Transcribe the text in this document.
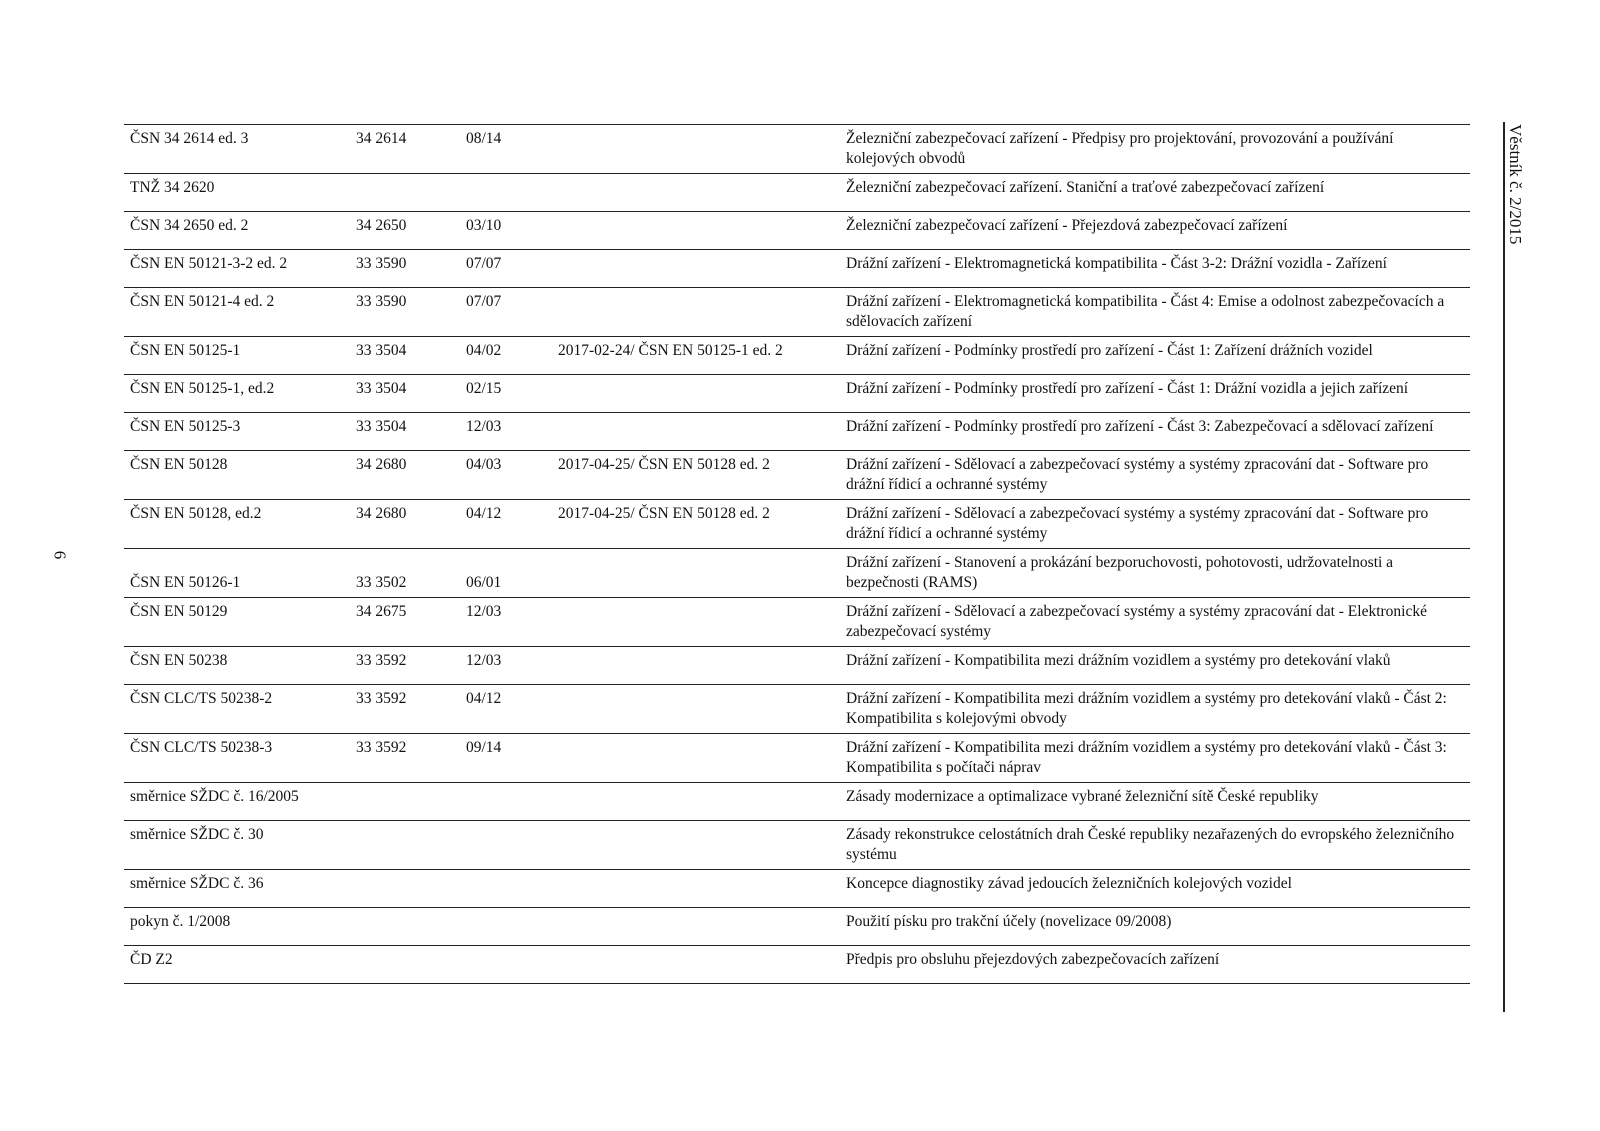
6
Věstník č. 2/2015
ČSN 34 2614 ed. 3	34 2614	08/14		Železniční zabezpečovací zařízení - Předpisy pro projektování, provozování a používání kolejových obvodů
TNŽ 34 2620				Železniční zabezpečovací zařízení. Staniční a traťové zabezpečovací zařízení
ČSN 34 2650 ed. 2	34 2650	03/10		Železniční zabezpečovací zařízení - Přejezdová zabezpečovací zařízení
ČSN EN 50121-3-2 ed. 2	33 3590	07/07		Drážní zařízení - Elektromagnetická kompatibilita - Část 3-2: Drážní vozidla - Zařízení
ČSN EN 50121-4 ed. 2	33 3590	07/07		Drážní zařízení - Elektromagnetická kompatibilita - Část 4: Emise a odolnost zabezpečovacích a sdělovacích zařízení
ČSN EN 50125-1	33 3504	04/02	2017-02-24/ ČSN EN 50125-1 ed. 2	Drážní zařízení - Podmínky prostředí pro zařízení - Část 1: Zařízení drážních vozidel
ČSN EN 50125-1, ed.2	33 3504	02/15		Drážní zařízení - Podmínky prostředí pro zařízení - Část 1: Drážní vozidla a jejich zařízení
ČSN EN 50125-3	33 3504	12/03		Drážní zařízení - Podmínky prostředí pro zařízení - Část 3: Zabezpečovací a sdělovací zařízení
ČSN EN 50128	34 2680	04/03	2017-04-25/ ČSN EN 50128 ed. 2	Drážní zařízení - Sdělovací a zabezpečovací systémy a systémy zpracování dat - Software pro drážní řídicí a ochranné systémy
ČSN EN 50128, ed.2	34 2680	04/12	2017-04-25/ ČSN EN 50128 ed. 2	Drážní zařízení - Sdělovací a zabezpečovací systémy a systémy zpracování dat - Software pro drážní řídicí a ochranné systémy
ČSN EN 50126-1	33 3502	06/01		Drážní zařízení - Stanovení a prokázání bezporuchovosti, pohotovosti, udržovatelnosti a bezpečnosti (RAMS)
ČSN EN 50129	34 2675	12/03		Drážní zařízení - Sdělovací a zabezpečovací systémy a systémy zpracování dat - Elektronické zabezpečovací systémy
ČSN EN 50238	33 3592	12/03		Drážní zařízení - Kompatibilita mezi drážním vozidlem a systémy pro detekování vlaků
ČSN CLC/TS 50238-2	33 3592	04/12		Drážní zařízení - Kompatibilita mezi drážním vozidlem a systémy pro detekování vlaků - Část 2: Kompatibilita s kolejovými obvody
ČSN CLC/TS 50238-3	33 3592	09/14		Drážní zařízení - Kompatibilita mezi drážním vozidlem a systémy pro detekování vlaků - Část 3: Kompatibilita s počítači náprav
směrnice SŽDC č. 16/2005				Zásady modernizace a optimalizace vybrané železniční sítě České republiky
směrnice SŽDC č. 30				Zásady rekonstrukce celostátních drah České republiky nezařazených do evropského železničního systému
směrnice SŽDC č. 36				Koncepce diagnostiky závad jedoucích železničních kolejových vozidel
pokyn č. 1/2008				Použití písku pro trakční účely (novelizace 09/2008)
ČD Z2				Předpis pro obsluhu přejezdových zabezpečovacích zařízení
